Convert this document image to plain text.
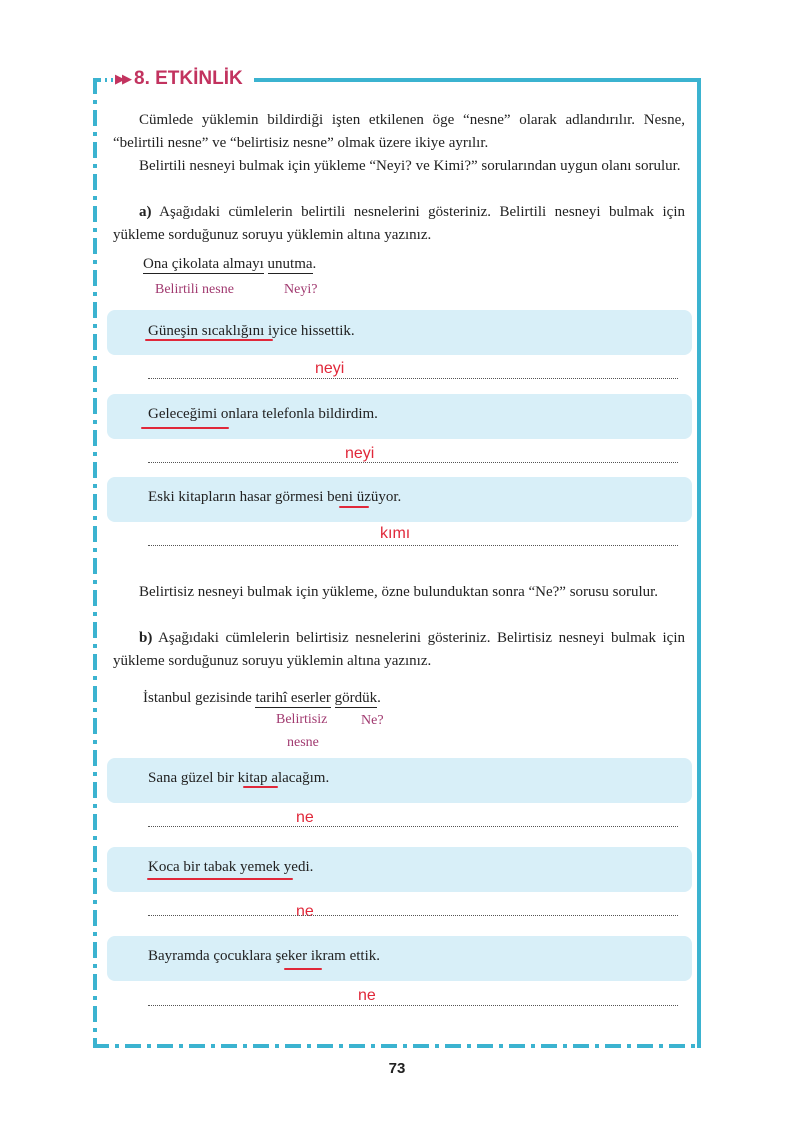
▶▶ 8. ETKİNLİK
Cümlede yüklemin bildirdiği işten etkilenen öge “nesne” olarak adlandırılır. Nesne, “belirtili nesne” ve “belirtisiz nesne” olmak üzere ikiye ayrılır.
Belirtili nesneyi bulmak için yükleme “Neyi? ve Kimi?” sorularından uygun olanı sorulur.
a) Aşağıdaki cümlelerin belirtili nesnelerini gösteriniz. Belirtili nesneyi bulmak için yükleme sorduğunuz soruyu yüklemin altına yazınız.
Ona çikolata almayı unutma.
Belirtili nesne	Neyi?
Güneşin sıcaklığını iyice hissettik.
neyi
Geleceğimi onlara telefonla bildirdim.
neyi
Eski kitapların hasar görmesi beni üzüyor.
kımı
Belirtisiz nesneyi bulmak için yükleme, özne bulunduktan sonra “Ne?” sorusu sorulur.
b) Aşağıdaki cümlelerin belirtisiz nesnelerini gösteriniz. Belirtisiz nesneyi bulmak için yükleme sorduğunuz soruyu yüklemin altına yazınız.
İstanbul gezisinde tarihî eserler gördük.
Belirtisiz
nesne
Ne?
Sana güzel bir kitap alacağım.
ne
Koca bir tabak yemek yedi.
ne
Bayramda çocuklara şeker ikram ettik.
ne
73
